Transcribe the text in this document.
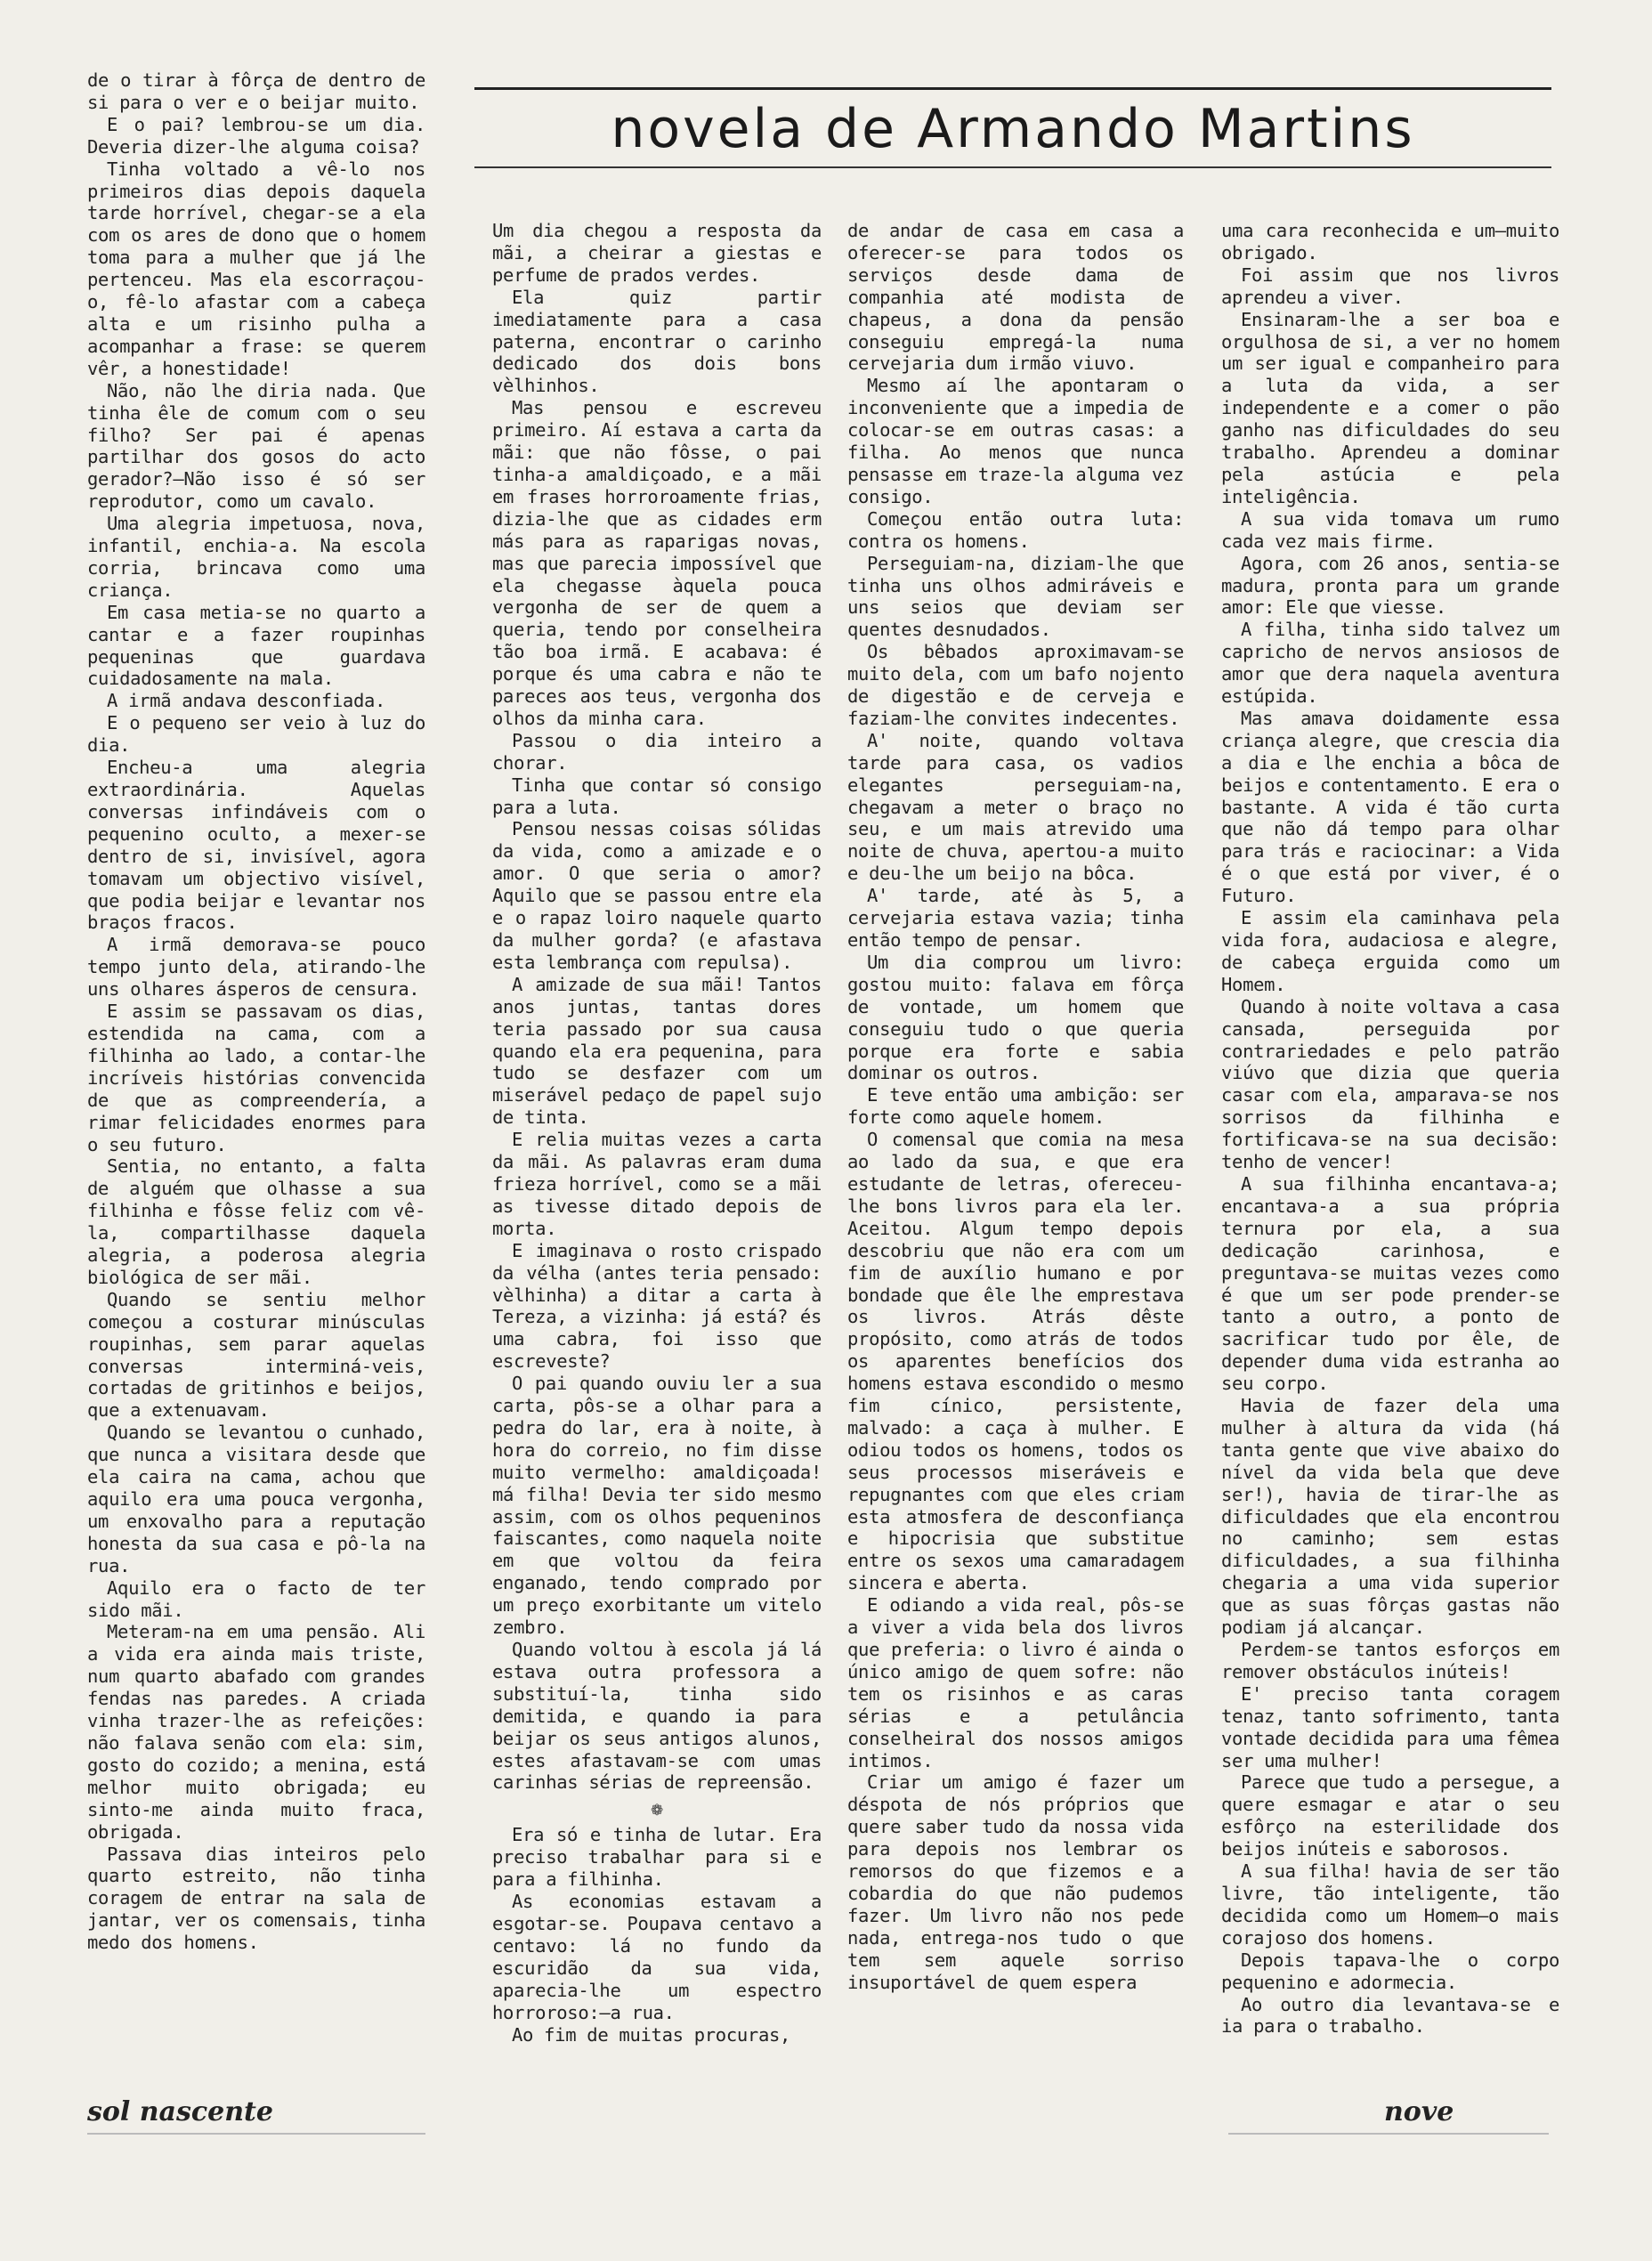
de o tirar à fôrça de dentro de si para o ver e o beijar muito.

E o pai? lembrou-se um dia. Deveria dizer-lhe alguma coisa?

Tinha voltado a vê-lo nos primeiros dias depois daquela tarde horrível, chegar-se a ela com os ares de dono que o homem toma para a mulher que já lhe pertenceu. Mas ela escorraçou-o, fê-lo afastar com a cabeça alta e um risinho pulha a acompanhar a frase: se querem vêr, a honestidade!

Não, não lhe diria nada. Que tinha êle de comum com o seu filho? Ser pai é apenas partilhar dos gosos do acto gerador?—Não isso é só ser reprodutor, como um cavalo.

Uma alegria impetuosa, nova, infantil, enchia-a. Na escola corria, brincava como uma criança.

Em casa metia-se no quarto a cantar e a fazer roupinhas pequeninas que guardava cuidadosamente na mala.

A irmã andava desconfiada.

E o pequeno ser veio à luz do dia.

Encheu-a uma alegria extraordinária. Aquelas conversas infindáveis com o pequenino oculto, a mexer-se dentro de si, invisível, agora tomavam um objectivo visível, que podia beijar e levantar nos braços fracos.

A irmã demorava-se pouco tempo junto dela, atirando-lhe uns olhares ásperos de censura.

E assim se passavam os dias, estendida na cama, com a filhinha ao lado, a contar-lhe incríveis histórias convencida de que as compreendería, a rimar felicidades enormes para o seu futuro.

Sentia, no entanto, a falta de alguém que olhasse a sua filhinha e fôsse feliz com vê-la, compartilhasse daquela alegria, a poderosa alegria biológica de ser mãi.

Quando se sentiu melhor começou a costurar minúsculas roupinhas, sem parar aquelas conversas interminá-veis, cortadas de gritinhos e beijos, que a extenuavam.

Quando se levantou o cunhado, que nunca a visitara desde que ela caira na cama, achou que aquilo era uma pouca vergonha, um enxovalho para a reputação honesta da sua casa e pô-la na rua.

Aquilo era o facto de ter sido mãi.

Meteram-na em uma pensão. Ali a vida era ainda mais triste, num quarto abafado com grandes fendas nas paredes. A criada vinha trazer-lhe as refeições: não falava senão com ela: sim, gosto do cozido; a menina, está melhor muito obrigada; eu sinto-me ainda muito fraca, obrigada.

Passava dias inteiros pelo quarto estreito, não tinha coragem de entrar na sala de jantar, ver os comensais, tinha medo dos homens.

novela de Armando Martins

Um dia chegou a resposta da mãi, a cheirar a giestas e perfume de prados verdes.

Ela quiz partir imediatamente para a casa paterna, encontrar o carinho dedicado dos dois bons vèlhinhos.

Mas pensou e escreveu primeiro. Aí estava a carta da mãi: que não fôsse, o pai tinha-a amaldiçoado, e a mãi em frases horroroamente frias, dizia-lhe que as cidades erm más para as raparigas novas, mas que parecia impossível que ela chegasse àquela pouca vergonha de ser de quem a queria, tendo por conselheira tão boa irmã. E acabava: é porque és uma cabra e não te pareces aos teus, vergonha dos olhos da minha cara.

Passou o dia inteiro a chorar.

Tinha que contar só consigo para a luta.

Pensou nessas coisas sólidas da vida, como a amizade e o amor. O que seria o amor? Aquilo que se passou entre ela e o rapaz loiro naquele quarto da mulher gorda? (e afastava esta lembrança com repulsa).

A amizade de sua mãi! Tantos anos juntas, tantas dores teria passado por sua causa quando ela era pequenina, para tudo se desfazer com um miserável pedaço de papel sujo de tinta.

E relia muitas vezes a carta da mãi. As palavras eram duma frieza horrível, como se a mãi as tivesse ditado depois de morta.

E imaginava o rosto crispado da vélha (antes teria pensado: vèlhinha) a ditar a carta à Tereza, a vizinha: já está? és uma cabra, foi isso que escreveste?

O pai quando ouviu ler a sua carta, pôs-se a olhar para a pedra do lar, era à noite, à hora do correio, no fim disse muito vermelho: amaldiçoada! má filha! Devia ter sido mesmo assim, com os olhos pequeninos faiscantes, como naquela noite em que voltou da feira enganado, tendo comprado por um preço exorbitante um vitelo zembro.

Quando voltou à escola já lá estava outra professora a substituí-la, tinha sido demitida, e quando ia para beijar os seus antigos alunos, estes afastavam-se com umas carinhas sérias de repreensão.

❁

Era só e tinha de lutar. Era preciso trabalhar para si e para a filhinha.

As economias estavam a esgotar-se. Poupava centavo a centavo: lá no fundo da escuridão da sua vida, aparecia-lhe um espectro horroroso:—a rua.

Ao fim de muitas procuras,

de andar de casa em casa a oferecer-se para todos os serviços desde dama de companhia até modista de chapeus, a dona da pensão conseguiu empregá-la numa cervejaria dum irmão viuvo.

Mesmo aí lhe apontaram o inconveniente que a impedia de colocar-se em outras casas: a filha. Ao menos que nunca pensasse em traze-la alguma vez consigo.

Começou então outra luta: contra os homens.

Perseguiam-na, diziam-lhe que tinha uns olhos admiráveis e uns seios que deviam ser quentes desnudados.

Os bêbados aproximavam-se muito dela, com um bafo nojento de digestão e de cerveja e faziam-lhe convites indecentes.

A' noite, quando voltava tarde para casa, os vadios elegantes perseguiam-na, chegavam a meter o braço no seu, e um mais atrevido uma noite de chuva, apertou-a muito e deu-lhe um beijo na bôca.

A' tarde, até às 5, a cervejaria estava vazia; tinha então tempo de pensar.

Um dia comprou um livro: gostou muito: falava em fôrça de vontade, um homem que conseguiu tudo o que queria porque era forte e sabia dominar os outros.

E teve então uma ambição: ser forte como aquele homem.

O comensal que comia na mesa ao lado da sua, e que era estudante de letras, ofereceu-lhe bons livros para ela ler. Aceitou. Algum tempo depois descobriu que não era com um fim de auxílio humano e por bondade que êle lhe emprestava os livros. Atrás dêste propósito, como atrás de todos os aparentes benefícios dos homens estava escondido o mesmo fim cínico, persistente, malvado: a caça à mulher. E odiou todos os homens, todos os seus processos miseráveis e repugnantes com que eles criam esta atmosfera de desconfiança e hipocrisia que substitue entre os sexos uma camaradagem sincera e aberta.

E odiando a vida real, pôs-se a viver a vida bela dos livros que preferia: o livro é ainda o único amigo de quem sofre: não tem os risinhos e as caras sérias e a petulância conselheiral dos nossos amigos intimos.

Criar um amigo é fazer um déspota de nós próprios que quere saber tudo da nossa vida para depois nos lembrar os remorsos do que fizemos e a cobardia do que não pudemos fazer. Um livro não nos pede nada, entrega-nos tudo o que tem sem aquele sorriso insuportável de quem espera

uma cara reconhecida e um—muito obrigado.

Foi assim que nos livros aprendeu a viver.

Ensinaram-lhe a ser boa e orgulhosa de si, a ver no homem um ser igual e companheiro para a luta da vida, a ser independente e a comer o pão ganho nas dificuldades do seu trabalho. Aprendeu a dominar pela astúcia e pela inteligência.

A sua vida tomava um rumo cada vez mais firme.

Agora, com 26 anos, sentia-se madura, pronta para um grande amor: Ele que viesse.

A filha, tinha sido talvez um capricho de nervos ansiosos de amor que dera naquela aventura estúpida.

Mas amava doidamente essa criança alegre, que crescia dia a dia e lhe enchia a bôca de beijos e contentamento. E era o bastante. A vida é tão curta que não dá tempo para olhar para trás e raciocinar: a Vida é o que está por viver, é o Futuro.

E assim ela caminhava pela vida fora, audaciosa e alegre, de cabeça erguida como um Homem.

Quando à noite voltava a casa cansada, perseguida por contrariedades e pelo patrão viúvo que dizia que queria casar com ela, amparava-se nos sorrisos da filhinha e fortificava-se na sua decisão: tenho de vencer!

A sua filhinha encantava-a; encantava-a a sua própria ternura por ela, a sua dedicação carinhosa, e preguntava-se muitas vezes como é que um ser pode prender-se tanto a outro, a ponto de sacrificar tudo por êle, de depender duma vida estranha ao seu corpo.

Havia de fazer dela uma mulher à altura da vida (há tanta gente que vive abaixo do nível da vida bela que deve ser!), havia de tirar-lhe as dificuldades que ela encontrou no caminho; sem estas dificuldades, a sua filhinha chegaria a uma vida superior que as suas fôrças gastas não podiam já alcançar.

Perdem-se tantos esforços em remover obstáculos inúteis!

E' preciso tanta coragem tenaz, tanto sofrimento, tanta vontade decidida para uma fêmea ser uma mulher!

Parece que tudo a persegue, a quere esmagar e atar o seu esfôrço na esterilidade dos beijos inúteis e saborosos.

A sua filha! havia de ser tão livre, tão inteligente, tão decidida como um Homem—o mais corajoso dos homens.

Depois tapava-lhe o corpo pequenino e adormecia.

Ao outro dia levantava-se e ia para o trabalho.

sol nascente	nove
